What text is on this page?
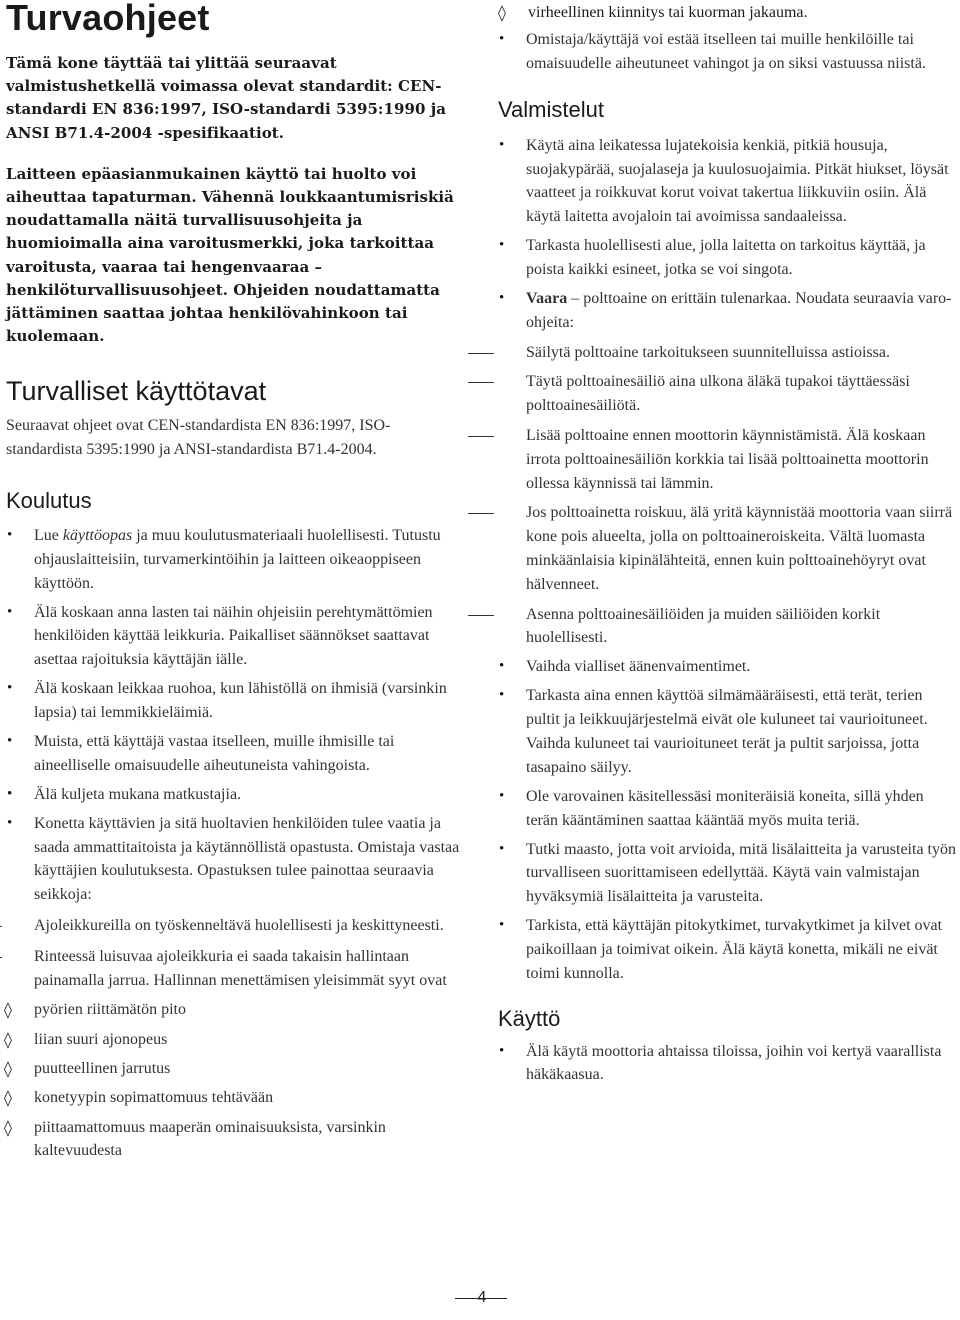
Turvaohjeet

Tämä kone täyttää tai ylittää seuraavat valmistushetkellä voimassa olevat standardit: CEN-standardi EN 836:1997, ISO-standardi 5395:1990 ja ANSI B71.4-2004 -spesifikaatiot.

Laitteen epäasianmukainen käyttö tai huolto voi aiheuttaa tapaturman. Vähennä loukkaantumisriskiä noudattamalla näitä turvallisuusohjeita ja huomioimalla aina varoitusmerkki, joka tarkoittaa varoitusta, vaaraa tai hengenvaaraa – henkilöturvallisuusohjeet. Ohjeiden noudattamatta jättäminen saattaa johtaa henkilövahinkoon tai kuolemaan.

Turvalliset käyttötavat

Seuraavat ohjeet ovat CEN-standardista EN 836:1997, ISO-standardista 5395:1990 ja ANSI-standardista B71.4-2004.

Koulutus
• Lue käyttöopas ja muu koulutusmateriaali huolellisesti. Tutustu ohjauslaitteisiin, turvamerkintöihin ja laitteen oikeaoppiseen käyttöön.
• Älä koskaan anna lasten tai näihin ohjeisiin perehtymättömien henkilöiden käyttää leikkuria. Paikalliset säännökset saattavat asettaa rajoituksia käyttäjän iälle.
• Älä koskaan leikkaa ruohoa, kun lähistöllä on ihmisiä (varsinkin lapsia) tai lemmikkieläimiä.
• Muista, että käyttäjä vastaa itselleen, muille ihmisille tai aineelliselle omaisuudelle aiheutuneista vahingoista.
• Älä kuljeta mukana matkustajia.
• Konetta käyttävien ja sitä huoltavien henkilöiden tulee vaatia ja saada ammattitaitoista ja käytännöllistä opastusta. Omistaja vastaa käyttäjien koulutuksesta. Opastuksen tulee painottaa seuraavia seikkoja:
Ajoleikkureilla on työskenneltävä huolellisesti ja keskittyneesti.
Rinteessä luisuvaa ajoleikkuria ei saada takaisin hallintaan painamalla jarrua. Hallinnan menettämisen yleisimmät syyt ovat
◊ pyörien riittämätön pito
◊ liian suuri ajonopeus
◊ puutteellinen jarrutus
◊ konetyypin sopimattomuus tehtävään
◊ piittaamattomuus maaperän ominaisuuksista, varsinkin kaltevuudesta
◊ virheellinen kiinnitys tai kuorman jakauma.
• Omistaja/käyttäjä voi estää itselleen tai muille henkilöille tai omaisuudelle aiheutuneet vahingot ja on siksi vastuussa niistä.
Valmistelut
• Käytä aina leikatessa lujatekoisia kenkiä, pitkiä housuja, suojakypärää, suojalaseja ja kuulosuojaimia. Pitkät hiukset, löysät vaatteet ja roikkuvat korut voivat takertua liikkuviin osiin. Älä käytä laitetta avojaloin tai avoimissa sandaaleissa.
• Tarkasta huolellisesti alue, jolla laitetta on tarkoitus käyttää, ja poista kaikki esineet, jotka se voi singota.
• Vaara – polttoaine on erittäin tulenarkaa. Noudata seuraavia varo-ohjeita:
Säilytä polttoaine tarkoitukseen suunnitelluissa astioissa.
Täytä polttoainesäiliö aina ulkona äläkä tupakoi täyttäessäsi polttoainesäiliötä.
Lisää polttoaine ennen moottorin käynnistämistä. Älä koskaan irrota polttoainesäiliön korkkia tai lisää polttoainetta moottorin ollessa käynnissä tai lämmin.
Jos polttoainetta roiskuu, älä yritä käynnistää moottoria vaan siirrä kone pois alueelta, jolla on polttoaineroiskeita. Vältä luomasta minkäänlaisia kipinälähteitä, ennen kuin polttoainehöyryt ovat hälvenneet.
Asenna polttoainesäiliöiden ja muiden säiliöiden korkit huolellisesti.
• Vaihda vialliset äänenvaimentimet.
• Tarkasta aina ennen käyttöä silmämääräisesti, että terät, terien pultit ja leikkuujärjestelmä eivät ole kuluneet tai vaurioituneet. Vaihda kuluneet tai vaurioituneet terät ja pultit sarjoissa, jotta tasapaino säilyy.
• Ole varovainen käsitellessäsi moniteräisiä koneita, sillä yhden terän kääntäminen saattaa kääntää myös muita teriä.
• Tutki maasto, jotta voit arvioida, mitä lisälaitteita ja varusteita työn turvalliseen suorittamiseen edellyttää. Käytä vain valmistajan hyväksymiä lisälaitteita ja varusteita.
• Tarkista, että käyttäjän pitokytkimet, turvakytkimet ja kilvet ovat paikoillaan ja toimivat oikein. Älä käytä konetta, mikäli ne eivät toimi kunnolla.
Käyttö
• Älä käytä moottoria ahtaissa tiloissa, joihin voi kertyä vaarallista häkäkaasua.
4
